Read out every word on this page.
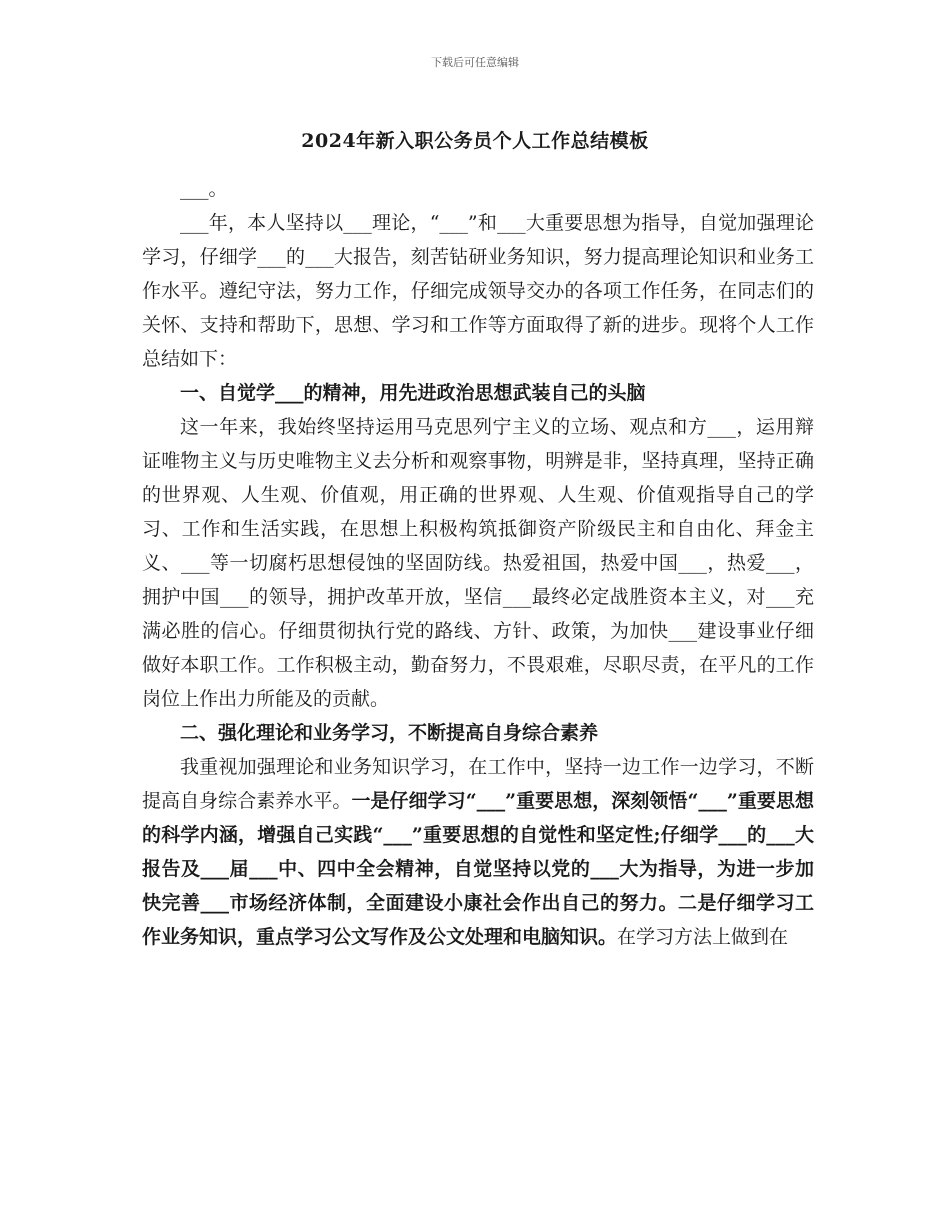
下载后可任意编辑
2024年新入职公务员个人工作总结模板

___。

___年，本人坚持以___理论，“___”和___大重要思想为指导，自觉加强理论学习，仔细学___的___大报告，刻苦钻研业务知识，努力提高理论知识和业务工作水平。遵纪守法，努力工作，仔细完成领导交办的各项工作任务，在同志们的关怀、支持和帮助下，思想、学习和工作等方面取得了新的进步。现将个人工作总结如下：

一、自觉学___的精神，用先进政治思想武装自己的头脑

这一年来，我始终坚持运用马克思列宁主义的立场、观点和方___，运用辩证唯物主义与历史唯物主义去分析和观察事物，明辨是非，坚持真理，坚持正确的世界观、人生观、价值观，用正确的世界观、人生观、价值观指导自己的学习、工作和生活实践，在思想上积极构筑抵御资产阶级民主和自由化、拜金主义、___等一切腐朽思想侵蚀的坚固防线。热爱祖国，热爱中国___，热爱___，拥护中国___的领导，拥护改革开放，坚信___最终必定战胜资本主义，对___充满必胜的信心。仔细贯彻执行党的路线、方针、政策，为加快___建设事业仔细做好本职工作。工作积极主动，勤奋努力，不畏艰难，尽职尽责，在平凡的工作岗位上作出力所能及的贡献。

二、强化理论和业务学习，不断提高自身综合素养

我重视加强理论和业务知识学习，在工作中，坚持一边工作一边学习，不断提高自身综合素养水平。一是仔细学习“___”重要思想，深刻领悟“___”重要思想的科学内涵，增强自己实践“___”重要思想的自觉性和坚定性;仔细学___的___大报告及___届___中、四中全会精神，自觉坚持以党的___大为指导，为进一步加快完善___市场经济体制，全面建设小康社会作出自己的努力。二是仔细学习工作业务知识，重点学习公文写作及公文处理和电脑知识。在学习方法上做到在
